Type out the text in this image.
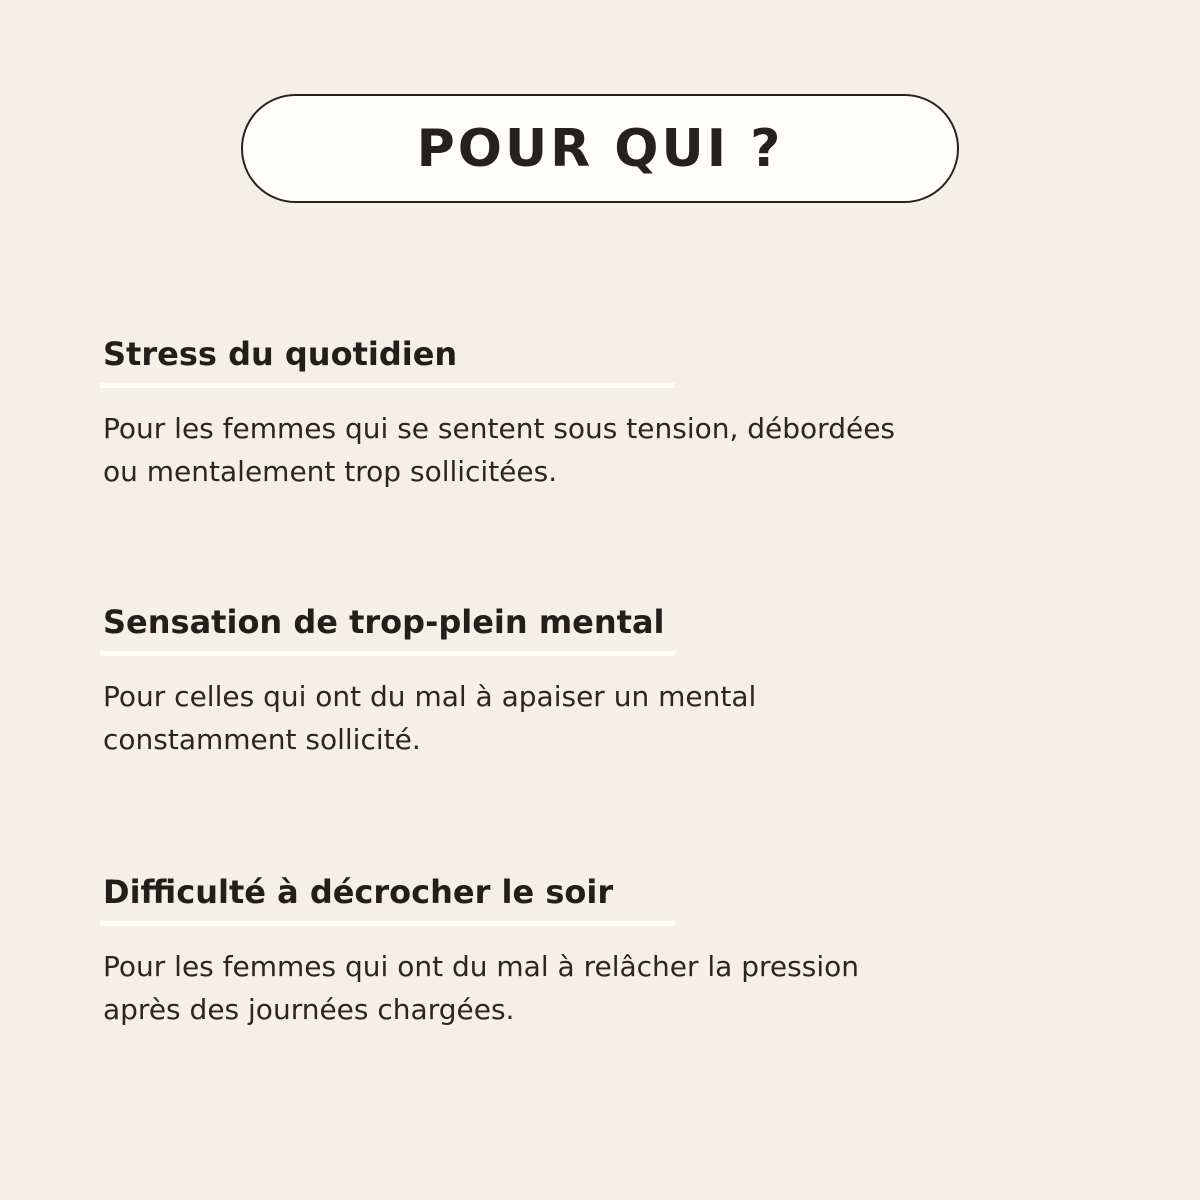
POUR QUI ?
Stress du quotidien
Pour les femmes qui se sentent sous tension, débordées
ou mentalement trop sollicitées.
Sensation de trop-plein mental
Pour celles qui ont du mal à apaiser un mental
constamment sollicité.
Difficulté à décrocher le soir
Pour les femmes qui ont du mal à relâcher la pression
après des journées chargées.
